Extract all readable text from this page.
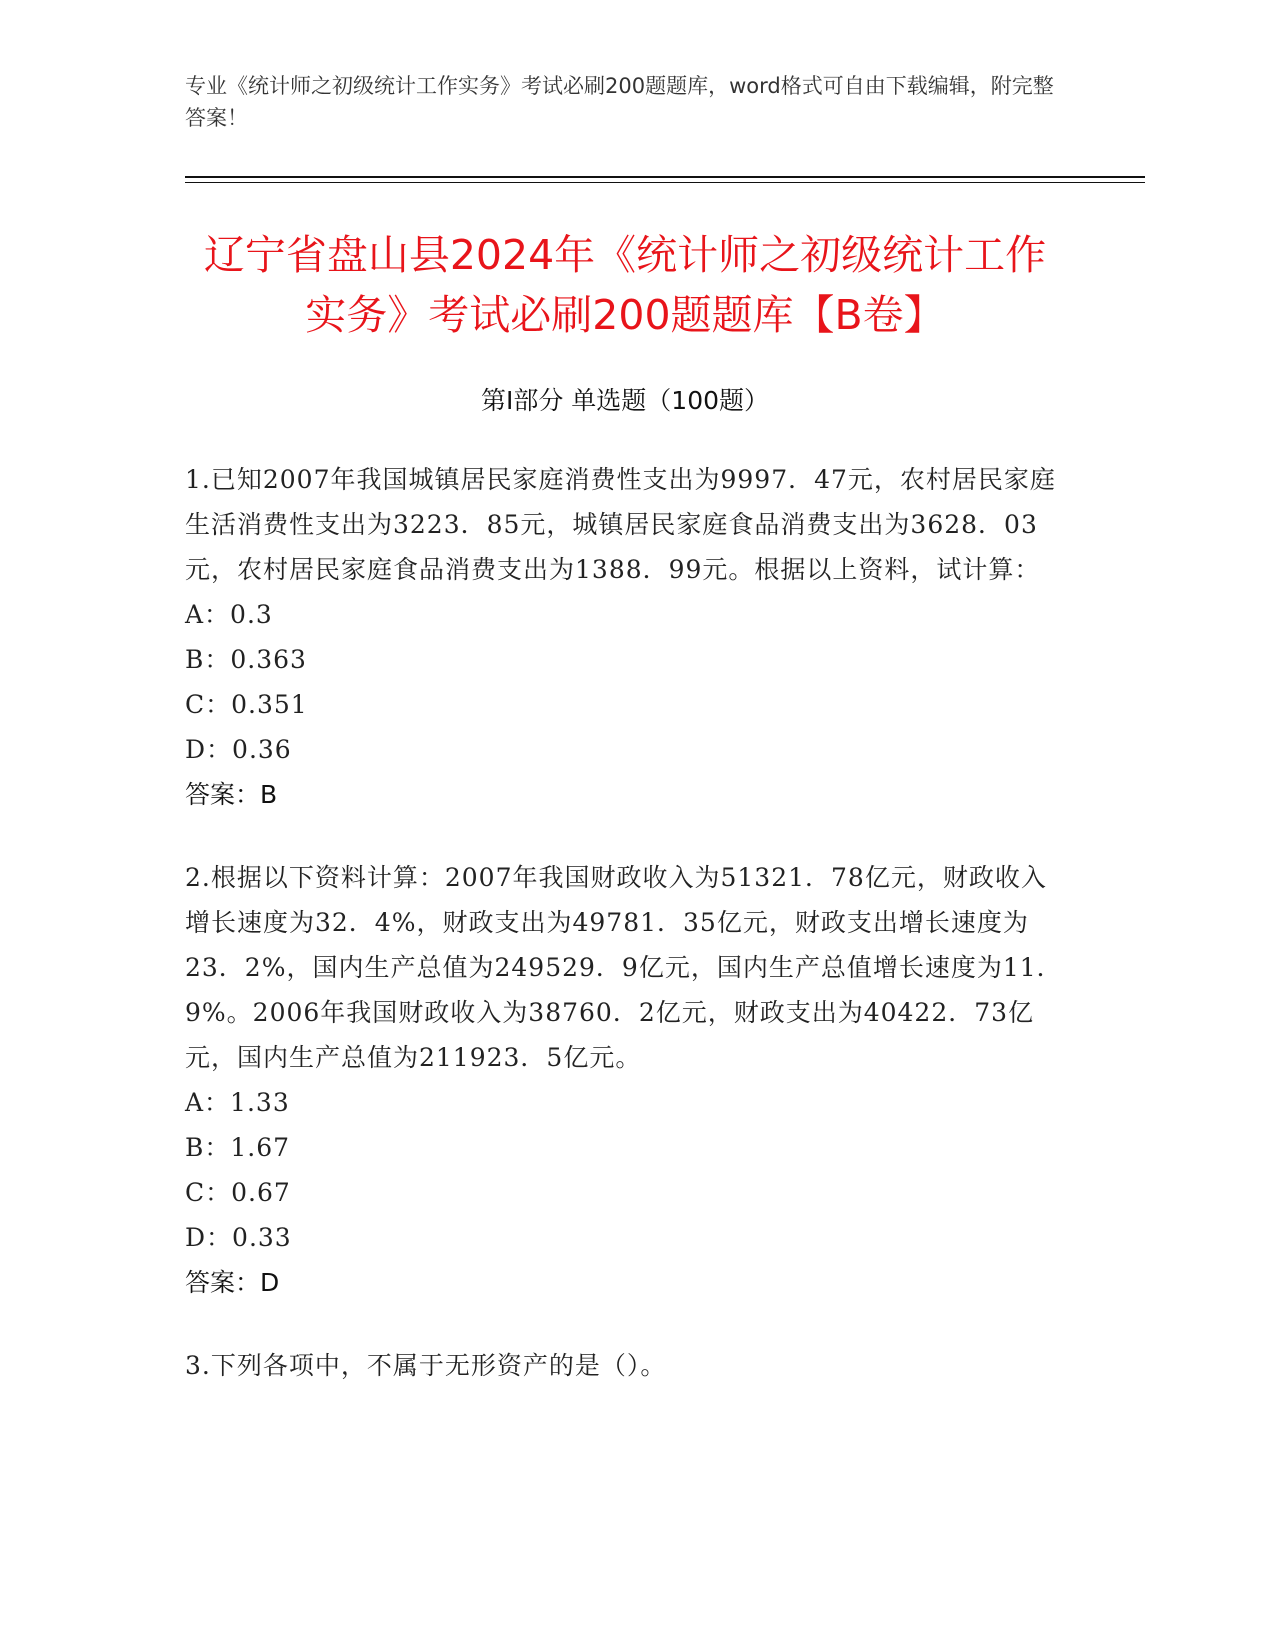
专业《统计师之初级统计工作实务》考试必刷200题题库，word格式可自由下载编辑，附完整答案！
辽宁省盘山县2024年《统计师之初级统计工作实务》考试必刷200题题库【B卷】
第Ⅰ部分 单选题（100题）
1.已知2007年我国城镇居民家庭消费性支出为9997．47元，农村居民家庭生活消费性支出为3223．85元，城镇居民家庭食品消费支出为3628．03元，农村居民家庭食品消费支出为1388．99元。根据以上资料，试计算：
A：0.3
B：0.363
C：0.351
D：0.36
答案：B
2.根据以下资料计算：2007年我国财政收入为51321．78亿元，财政收入增长速度为32．4%，财政支出为49781．35亿元，财政支出增长速度为23．2%，国内生产总值为249529．9亿元，国内生产总值增长速度为11．9%。2006年我国财政收入为38760．2亿元，财政支出为40422．73亿元，国内生产总值为211923．5亿元。
A：1.33
B：1.67
C：0.67
D：0.33
答案：D
3.下列各项中，不属于无形资产的是（）。
